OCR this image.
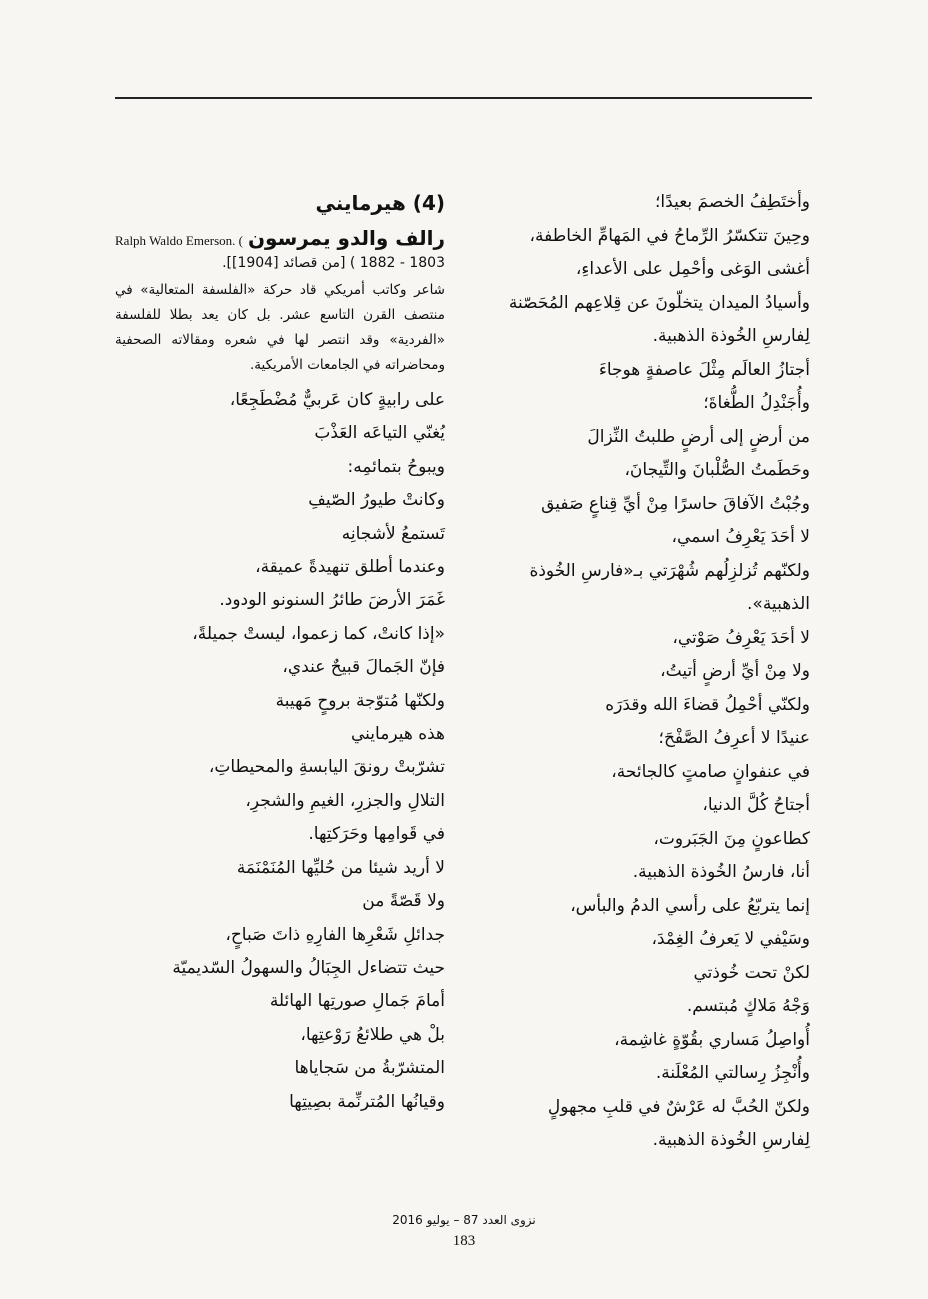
وأختَطِفُ الخصمَ بعيدًا؛
وحِينَ تتكسّرُ الرِّماحُ في المَهامِّ الخاطفة،
أغشى الوَغى وأحْمِل على الأعداءِ،
وأسيادُ الميدان يتخلّونَ عن قِلاعِهم المُحَصّنة
لِفارسِ الخُوذة الذهبية.
أجتازُ العالَم مِثْلَ عاصفةٍ هوجاءَ
وأُجَنْدِلُ الطُّغاةَ؛
من أرضٍ إلى أرضٍ طلبتُ النِّزالَ
وحَطَمتُ الصُّلْبانَ والتِّيجانَ،
وجُبْتُ الآفاقَ حاسرًا مِنْ أيِّ قِناعٍ صَفيق
لا أحَدَ يَعْرِفُ اسمي،
ولكنّهم تُزلزِلُهم شُهْرَتي بـ«فارسِ الخُوذة
الذهبية».
لا أحَدَ يَعْرِفُ صَوْتي،
ولا مِنْ أيِّ أرضٍ أتيتُ،
ولكنّي أحْمِلُ قضاءَ الله وقدَرَه
عنيدًا لا أعرِفُ الصَّفْحَ؛
في عنفوانٍ صامتٍ كالجائحة،
أجتاحُ كُلَّ الدنيا،
كطاعونٍ مِنَ الجَبَروت،
أنا، فارسُ الخُوذة الذهبية.
إنما يتربّعُ على رأسي الدمُ والبأس،
وسَيْفي لا يَعرفُ الغِمْدَ،
لكنْ تحت خُوذتي
وَجْهُ مَلاكٍ مُبتسم.
أُواصِلُ مَساري بقُوّةٍ غاشِمة،
وأُنْجِزُ رِسالتي المُعْلَنة.
ولكنّ الحُبَّ له عَرْشٌ في قلبِ مجهولٍ
لِفارسِ الخُوذة الذهبية.
(4) هيرمايني
رالف والدو يمرسون
Ralph Waldo Emerson. (
1803 - 1882 ) [من قصائد [1904]].
شاعر وكاتب أمريكي قاد حركة «الفلسفة المتعالية» في منتصف القرن التاسع عشر. بل كان يعد بطلا للفلسفة «الفردية» وقد انتصر لها في شعره ومقالاته الصحفية ومحاضراته في الجامعات الأمريكية.
على رابيةٍ كان عَربيٌّ مُضْطَجِعًا،
يُغنّي التياعَه العَذْبَ
ويبوحُ بتمائمِه:
وكانتْ طيورُ الصّيفِ
تَستمعُ لأشجانِه
وعندما أطلق تنهيدةً عميقة،
غَمَرَ الأرضَ طائرُ السنونو الودود.
«إذا كانتْ، كما زعموا، ليستْ جميلةً،
فإنّ الجَمالَ قبيحٌ عندي،
ولكنّها مُتوّجة بروحٍ مَهيبة
هذه هيرمايني
تشرّبتْ رونقَ اليابسةِ والمحيطاتِ،
التلالِ والجزرِ، الغيمِ والشجرِ،
في قَوامِها وحَرَكتِها.
لا أريد شيئا من حُليِّها المُنَمْنَمَة
ولا قَصّةً من
جدائلِ شَعْرِها الفارِهِ ذاتَ صَباحٍ،
حيث تتضاءل الجِبَالُ والسهولُ السّديميّة
أمامَ جَمالِ صورتِها الهائلة
بلْ هي طلائعُ رَوْعتِها،
المتشرّبةُ من سَجاياها
وقيانُها المُترنِّمة بصِيتِها
نزوى العدد 87 – يوليو 2016
183
